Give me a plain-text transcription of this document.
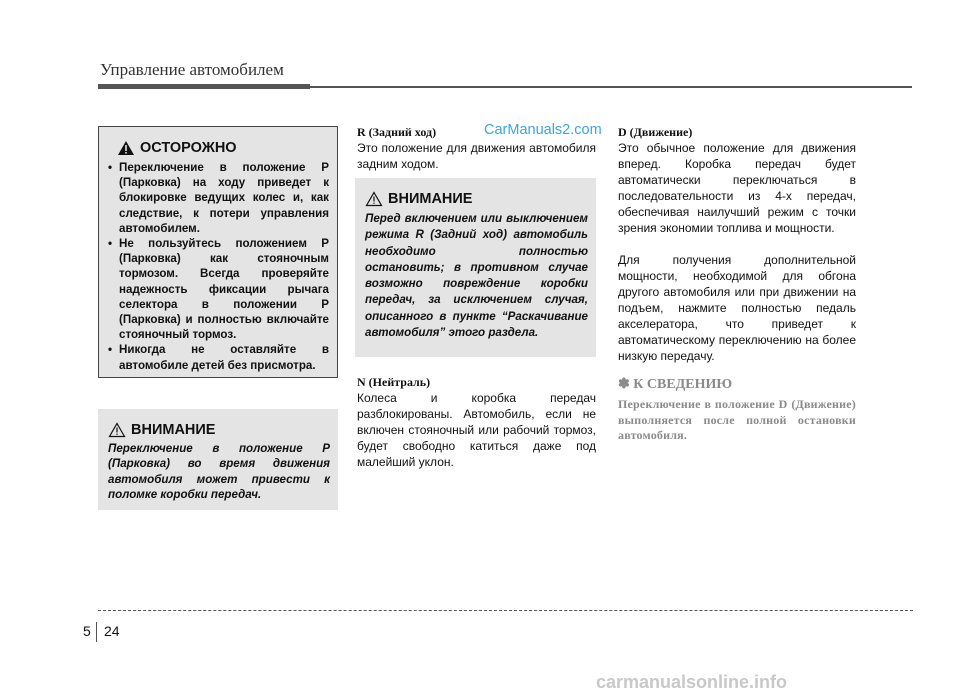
Управление автомобилем
ОСТОРОЖНО
• Переключение в положение P (Парковка) на ходу приведет к блокировке ведущих колес и, как следствие, к потери управления автомобилем.
• Не пользуйтесь положением P (Парковка) как стояночным тормозом. Всегда проверяйте надежность фиксации рычага селектора в положении P (Парковка) и полностью включайте стояночный тормоз.
• Никогда не оставляйте в автомобиле детей без присмотра.
ВНИМАНИЕ
Переключение в положение P (Парковка) во время движения автомобиля может привести к поломке коробки передач.
CarManuals2.com
R (Задний ход)

Это положение для движения автомобиля задним ходом.

ВНИМАНИЕ
Перед включением или выключением режима R (Задний ход) автомобиль необходимо полностью остановить; в противном случае возможно повреждение коробки передач, за исключением случая, описанного в пункте “Раскачивание автомобиля” этого раздела.
N (Нейтраль)

Колеса и коробка передач разблокированы. Автомобиль, если не включен стояночный или рабочий тормоз, будет свободно катиться даже под малейший уклон.

D (Движение)

Это обычное положение для движения вперед. Коробка передач будет автоматически переключаться в последовательности из 4-х передач, обеспечивая наилучший режим с точки зрения экономии топлива и мощности.

Для получения дополнительной мощности, необходимой для обгона другого автомобиля или при движении на подъем, нажмите полностью педаль акселератора, что приведет к автоматическому переключению на более низкую передачу.

✽ К СВЕДЕНИЮ
Переключение в положение D (Движение) выполняется после полной остановки автомобиля.
5 24
carmanualsonline.info
